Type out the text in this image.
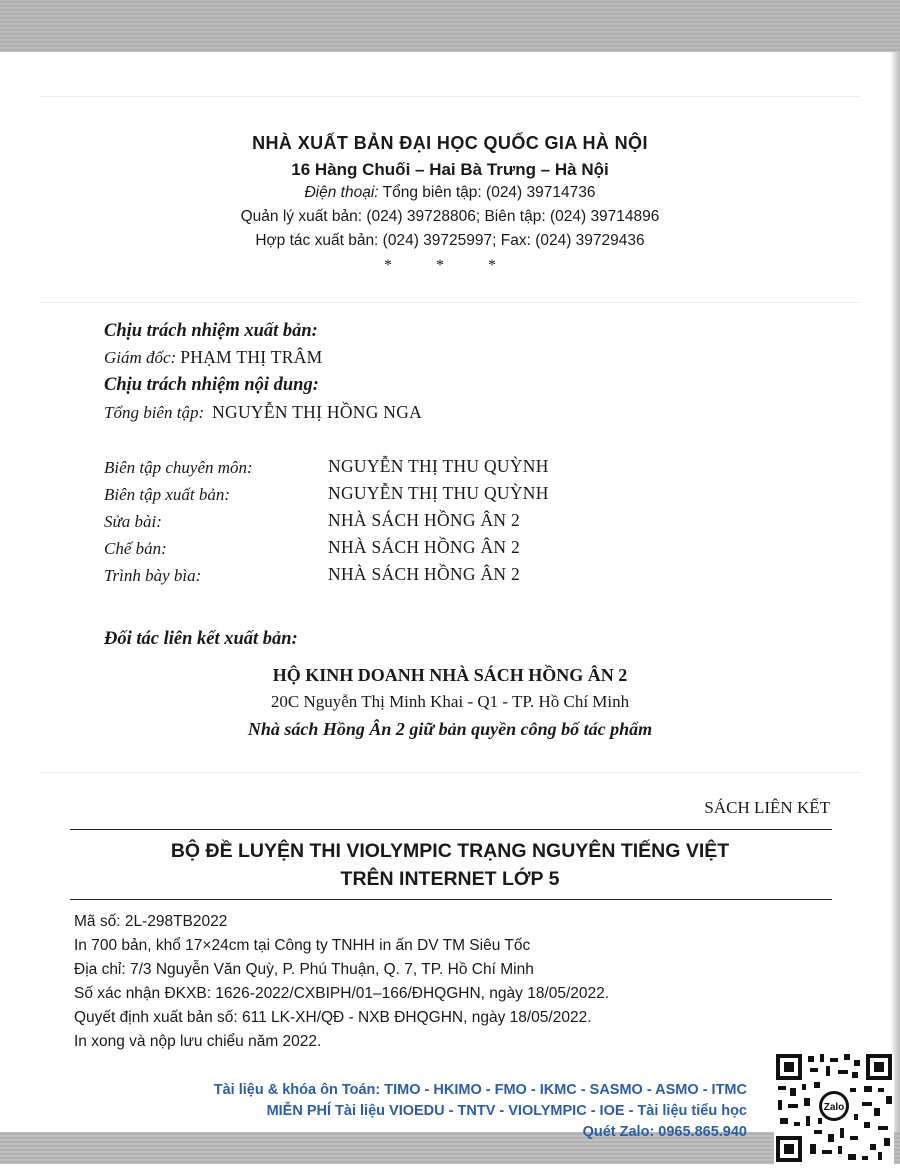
NHÀ XUẤT BẢN ĐẠI HỌC QUỐC GIA HÀ NỘI
16 Hàng Chuối – Hai Bà Trưng – Hà Nội
Điện thoại: Tổng biên tập: (024) 39714736
Quản lý xuất bản: (024) 39728806; Biên tập: (024) 39714896
Hợp tác xuất bản: (024) 39725997; Fax: (024) 39729436
* * *
Chịu trách nhiệm xuất bản:
Giám đốc: PHẠM THỊ TRÂM
Chịu trách nhiệm nội dung:
Tổng biên tập: NGUYỄN THỊ HỒNG NGA
Biên tập chuyên môn:	NGUYỄN THỊ THU QUỲNH
Biên tập xuất bản:	NGUYỄN THỊ THU QUỲNH
Sửa bài:	NHÀ SÁCH HỒNG ÂN 2
Chế bản:	NHÀ SÁCH HỒNG ÂN 2
Trình bày bìa:	NHÀ SÁCH HỒNG ÂN 2
Đối tác liên kết xuất bản:
HỘ KINH DOANH NHÀ SÁCH HỒNG ÂN 2
20C Nguyễn Thị Minh Khai - Q1 - TP. Hồ Chí Minh
Nhà sách Hồng Ân 2 giữ bản quyền công bố tác phẩm
SÁCH LIÊN KẾT
BỘ ĐỀ LUYỆN THI VIOLYMPIC TRẠNG NGUYÊN TIẾNG VIỆT
TRÊN INTERNET LỚP 5
Mã số: 2L-298TB2022
In 700 bản, khổ 17×24cm tại Công ty TNHH in ấn DV TM Siêu Tốc
Địa chỉ: 7/3 Nguyễn Văn Quỳ, P. Phú Thuận, Q. 7, TP. Hồ Chí Minh
Số xác nhận ĐKXB: 1626-2022/CXBIPH/01–166/ĐHQGHN, ngày 18/05/2022.
Quyết định xuất bản số: 611 LK-XH/QĐ - NXB ĐHQGHN, ngày 18/05/2022.
In xong và nộp lưu chiểu năm 2022.
Tài liệu & khóa ôn Toán: TIMO - HKIMO - FMO - IKMC - SASMO - ASMO - ITMC
MIỄN PHÍ Tài liệu VIOEDU - TNTV - VIOLYMPIC - IOE - Tài liệu tiểu học
Quét Zalo: 0965.865.940
Zalo
